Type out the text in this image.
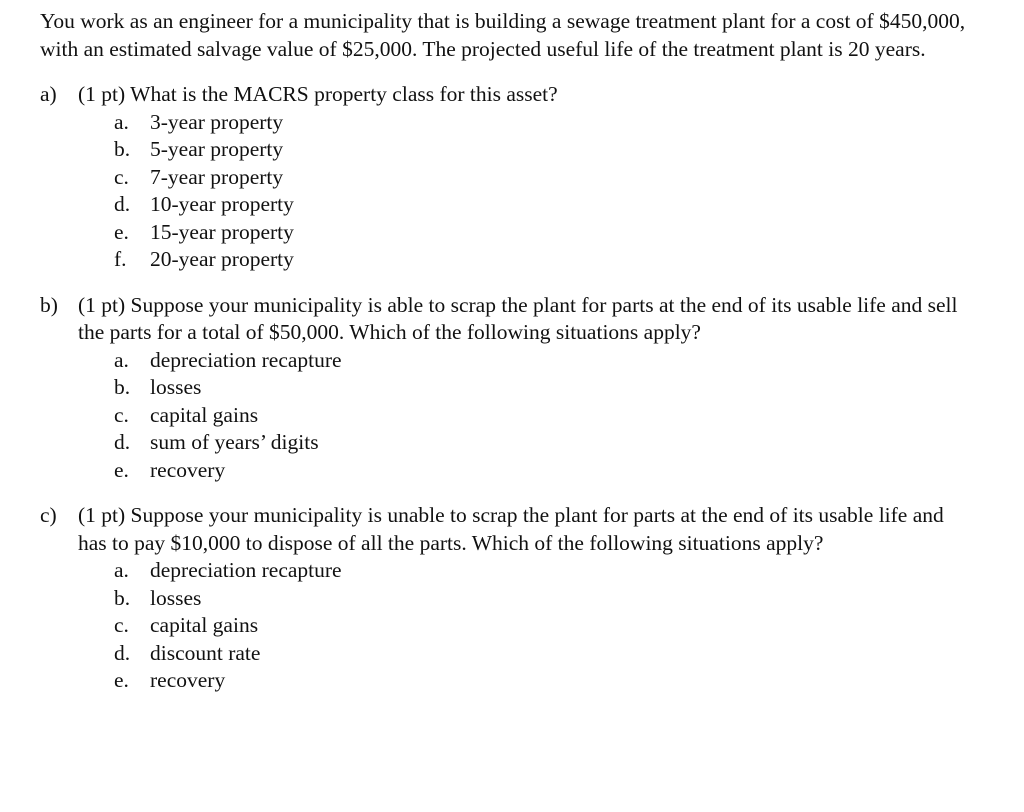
You work as an engineer for a municipality that is building a sewage treatment plant for a cost of $450,000, with an estimated salvage value of $25,000. The projected useful life of the treatment plant is 20 years.

a) (1 pt) What is the MACRS property class for this asset?
a. 3-year property
b. 5-year property
c. 7-year property
d. 10-year property
e. 15-year property
f. 20-year property
b) (1 pt) Suppose your municipality is able to scrap the plant for parts at the end of its usable life and sell the parts for a total of $50,000. Which of the following situations apply?
a. depreciation recapture
b. losses
c. capital gains
d. sum of years’ digits
e. recovery
c) (1 pt) Suppose your municipality is unable to scrap the plant for parts at the end of its usable life and has to pay $10,000 to dispose of all the parts. Which of the following situations apply?
a. depreciation recapture
b. losses
c. capital gains
d. discount rate
e. recovery
